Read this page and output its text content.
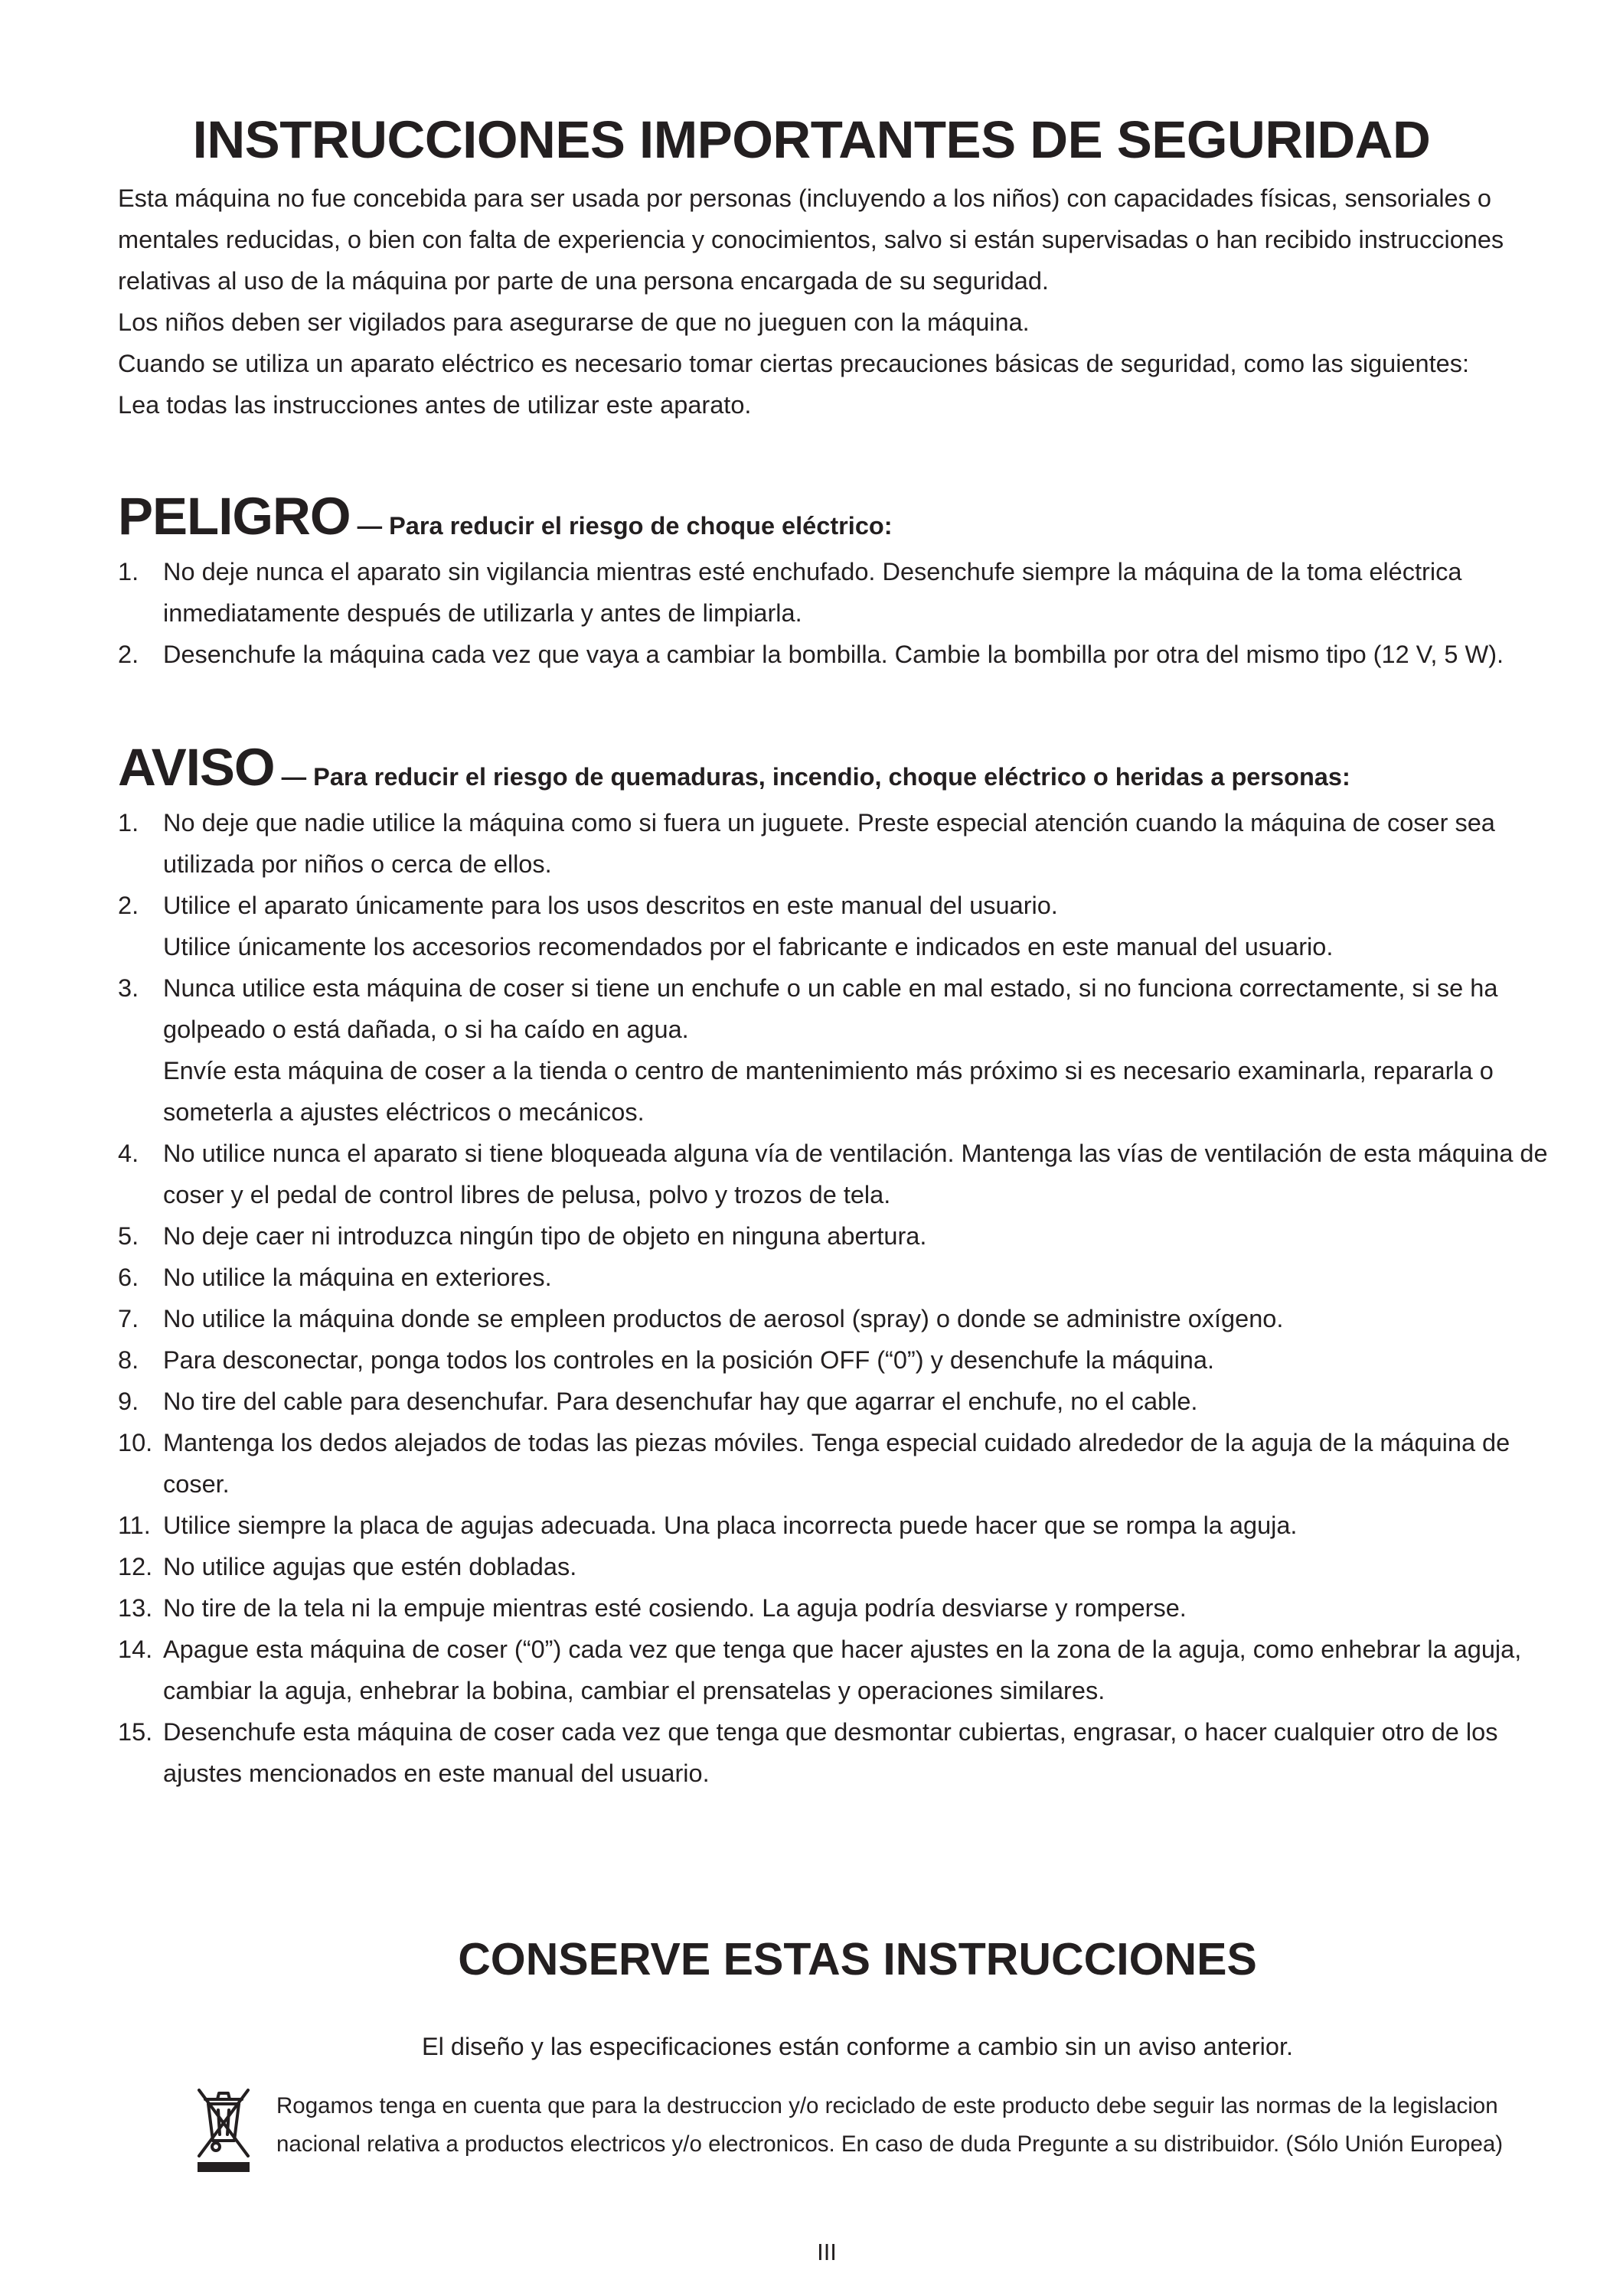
INSTRUCCIONES IMPORTANTES DE SEGURIDAD

Esta máquina no fue concebida para ser usada por personas (incluyendo a los niños) con capacidades físicas, sensoriales o mentales reducidas, o bien con falta de experiencia y conocimientos, salvo si están supervisadas o han recibido instrucciones relativas al uso de la máquina por parte de una persona encargada de su seguridad.

Los niños deben ser vigilados para asegurarse de que no jueguen con la máquina.

Cuando se utiliza un aparato eléctrico es necesario tomar ciertas precauciones básicas de seguridad, como las siguientes:

Lea todas las instrucciones antes de utilizar este aparato.

PELIGRO — Para reducir el riesgo de choque eléctrico:
1. No deje nunca el aparato sin vigilancia mientras esté enchufado. Desenchufe siempre la máquina de la toma eléctrica inmediatamente después de utilizarla y antes de limpiarla.
2. Desenchufe la máquina cada vez que vaya a cambiar la bombilla. Cambie la bombilla por otra del mismo tipo (12 V, 5 W).
AVISO — Para reducir el riesgo de quemaduras, incendio, choque eléctrico o heridas a personas:
1. No deje que nadie utilice la máquina como si fuera un juguete. Preste especial atención cuando la máquina de coser sea utilizada por niños o cerca de ellos.
2. Utilice el aparato únicamente para los usos descritos en este manual del usuario.
Utilice únicamente los accesorios recomendados por el fabricante e indicados en este manual del usuario.
3. Nunca utilice esta máquina de coser si tiene un enchufe o un cable en mal estado, si no funciona correctamente, si se ha golpeado o está dañada, o si ha caído en agua.
Envíe esta máquina de coser a la tienda o centro de mantenimiento más próximo si es necesario examinarla, repararla o someterla a ajustes eléctricos o mecánicos.
4. No utilice nunca el aparato si tiene bloqueada alguna vía de ventilación. Mantenga las vías de ventilación de esta máquina de coser y el pedal de control libres de pelusa, polvo y trozos de tela.
5. No deje caer ni introduzca ningún tipo de objeto en ninguna abertura.
6. No utilice la máquina en exteriores.
7. No utilice la máquina donde se empleen productos de aerosol (spray) o donde se administre oxígeno.
8. Para desconectar, ponga todos los controles en la posición OFF (“0”) y desenchufe la máquina.
9. No tire del cable para desenchufar. Para desenchufar hay que agarrar el enchufe, no el cable.
10. Mantenga los dedos alejados de todas las piezas móviles. Tenga especial cuidado alrededor de la aguja de la máquina de coser.
11. Utilice siempre la placa de agujas adecuada. Una placa incorrecta puede hacer que se rompa la aguja.
12. No utilice agujas que estén dobladas.
13. No tire de la tela ni la empuje mientras esté cosiendo. La aguja podría desviarse y romperse.
14. Apague esta máquina de coser (“0”) cada vez que tenga que hacer ajustes en la zona de la aguja, como enhebrar la aguja, cambiar la aguja, enhebrar la bobina, cambiar el prensatelas y operaciones similares.
15. Desenchufe esta máquina de coser cada vez que tenga que desmontar cubiertas, engrasar, o hacer cualquier otro de los ajustes mencionados en este manual del usuario.
CONSERVE ESTAS INSTRUCCIONES

El diseño y las especificaciones están conforme a cambio sin un aviso anterior.

Rogamos tenga en cuenta que para la destruccion y/o reciclado de este producto debe seguir las normas de la legislacion nacional relativa a productos electricos y/o electronicos. En caso de duda Pregunte a su distribuidor. (Sólo Unión Europea)

III
